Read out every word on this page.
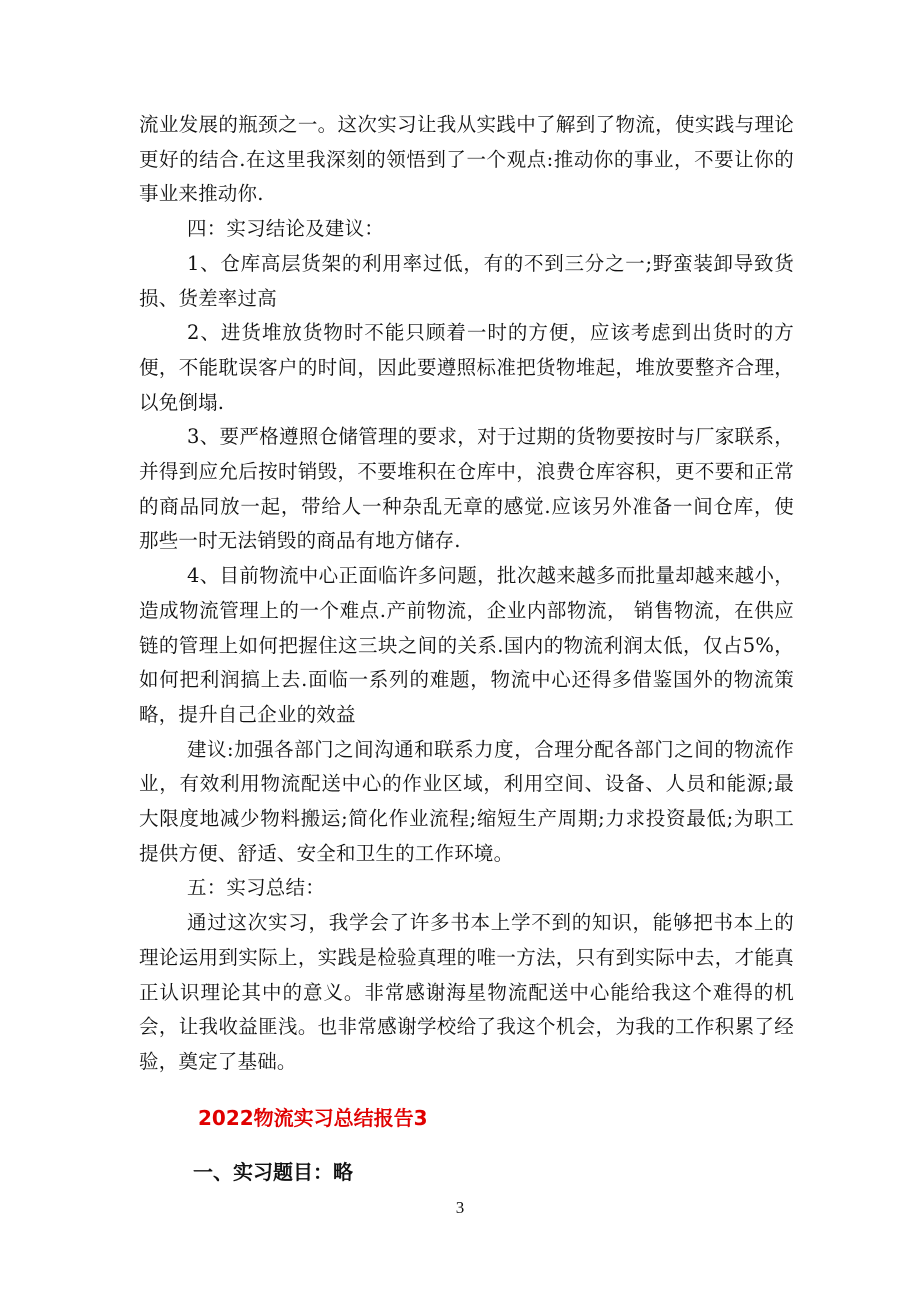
流业发展的瓶颈之一。这次实习让我从实践中了解到了物流，使实践与理论更好的结合.在这里我深刻的领悟到了一个观点:推动你的事业，不要让你的事业来推动你.

四：实习结论及建议：

1、仓库高层货架的利用率过低，有的不到三分之一;野蛮装卸导致货损、货差率过高

2、进货堆放货物时不能只顾着一时的方便，应该考虑到出货时的方便，不能耽误客户的时间，因此要遵照标准把货物堆起，堆放要整齐合理，以免倒塌.

3、要严格遵照仓储管理的要求，对于过期的货物要按时与厂家联系，并得到应允后按时销毁，不要堆积在仓库中，浪费仓库容积，更不要和正常的商品同放一起，带给人一种杂乱无章的感觉.应该另外准备一间仓库，使那些一时无法销毁的商品有地方储存.

4、目前物流中心正面临许多问题，批次越来越多而批量却越来越小，造成物流管理上的一个难点.产前物流，企业内部物流， 销售物流，在供应链的管理上如何把握住这三块之间的关系.国内的物流利润太低，仅占5%，如何把利润搞上去.面临一系列的难题，物流中心还得多借鉴国外的物流策略，提升自己企业的效益

建议:加强各部门之间沟通和联系力度，合理分配各部门之间的物流作业，有效利用物流配送中心的作业区域，利用空间、设备、人员和能源;最大限度地减少物料搬运;简化作业流程;缩短生产周期;力求投资最低;为职工提供方便、舒适、安全和卫生的工作环境。

五：实习总结：

通过这次实习，我学会了许多书本上学不到的知识，能够把书本上的理论运用到实际上，实践是检验真理的唯一方法，只有到实际中去，才能真正认识理论其中的意义。非常感谢海星物流配送中心能给我这个难得的机会，让我收益匪浅。也非常感谢学校给了我这个机会，为我的工作积累了经验，奠定了基础。

2022物流实习总结报告3
一、实习题目：略
3
